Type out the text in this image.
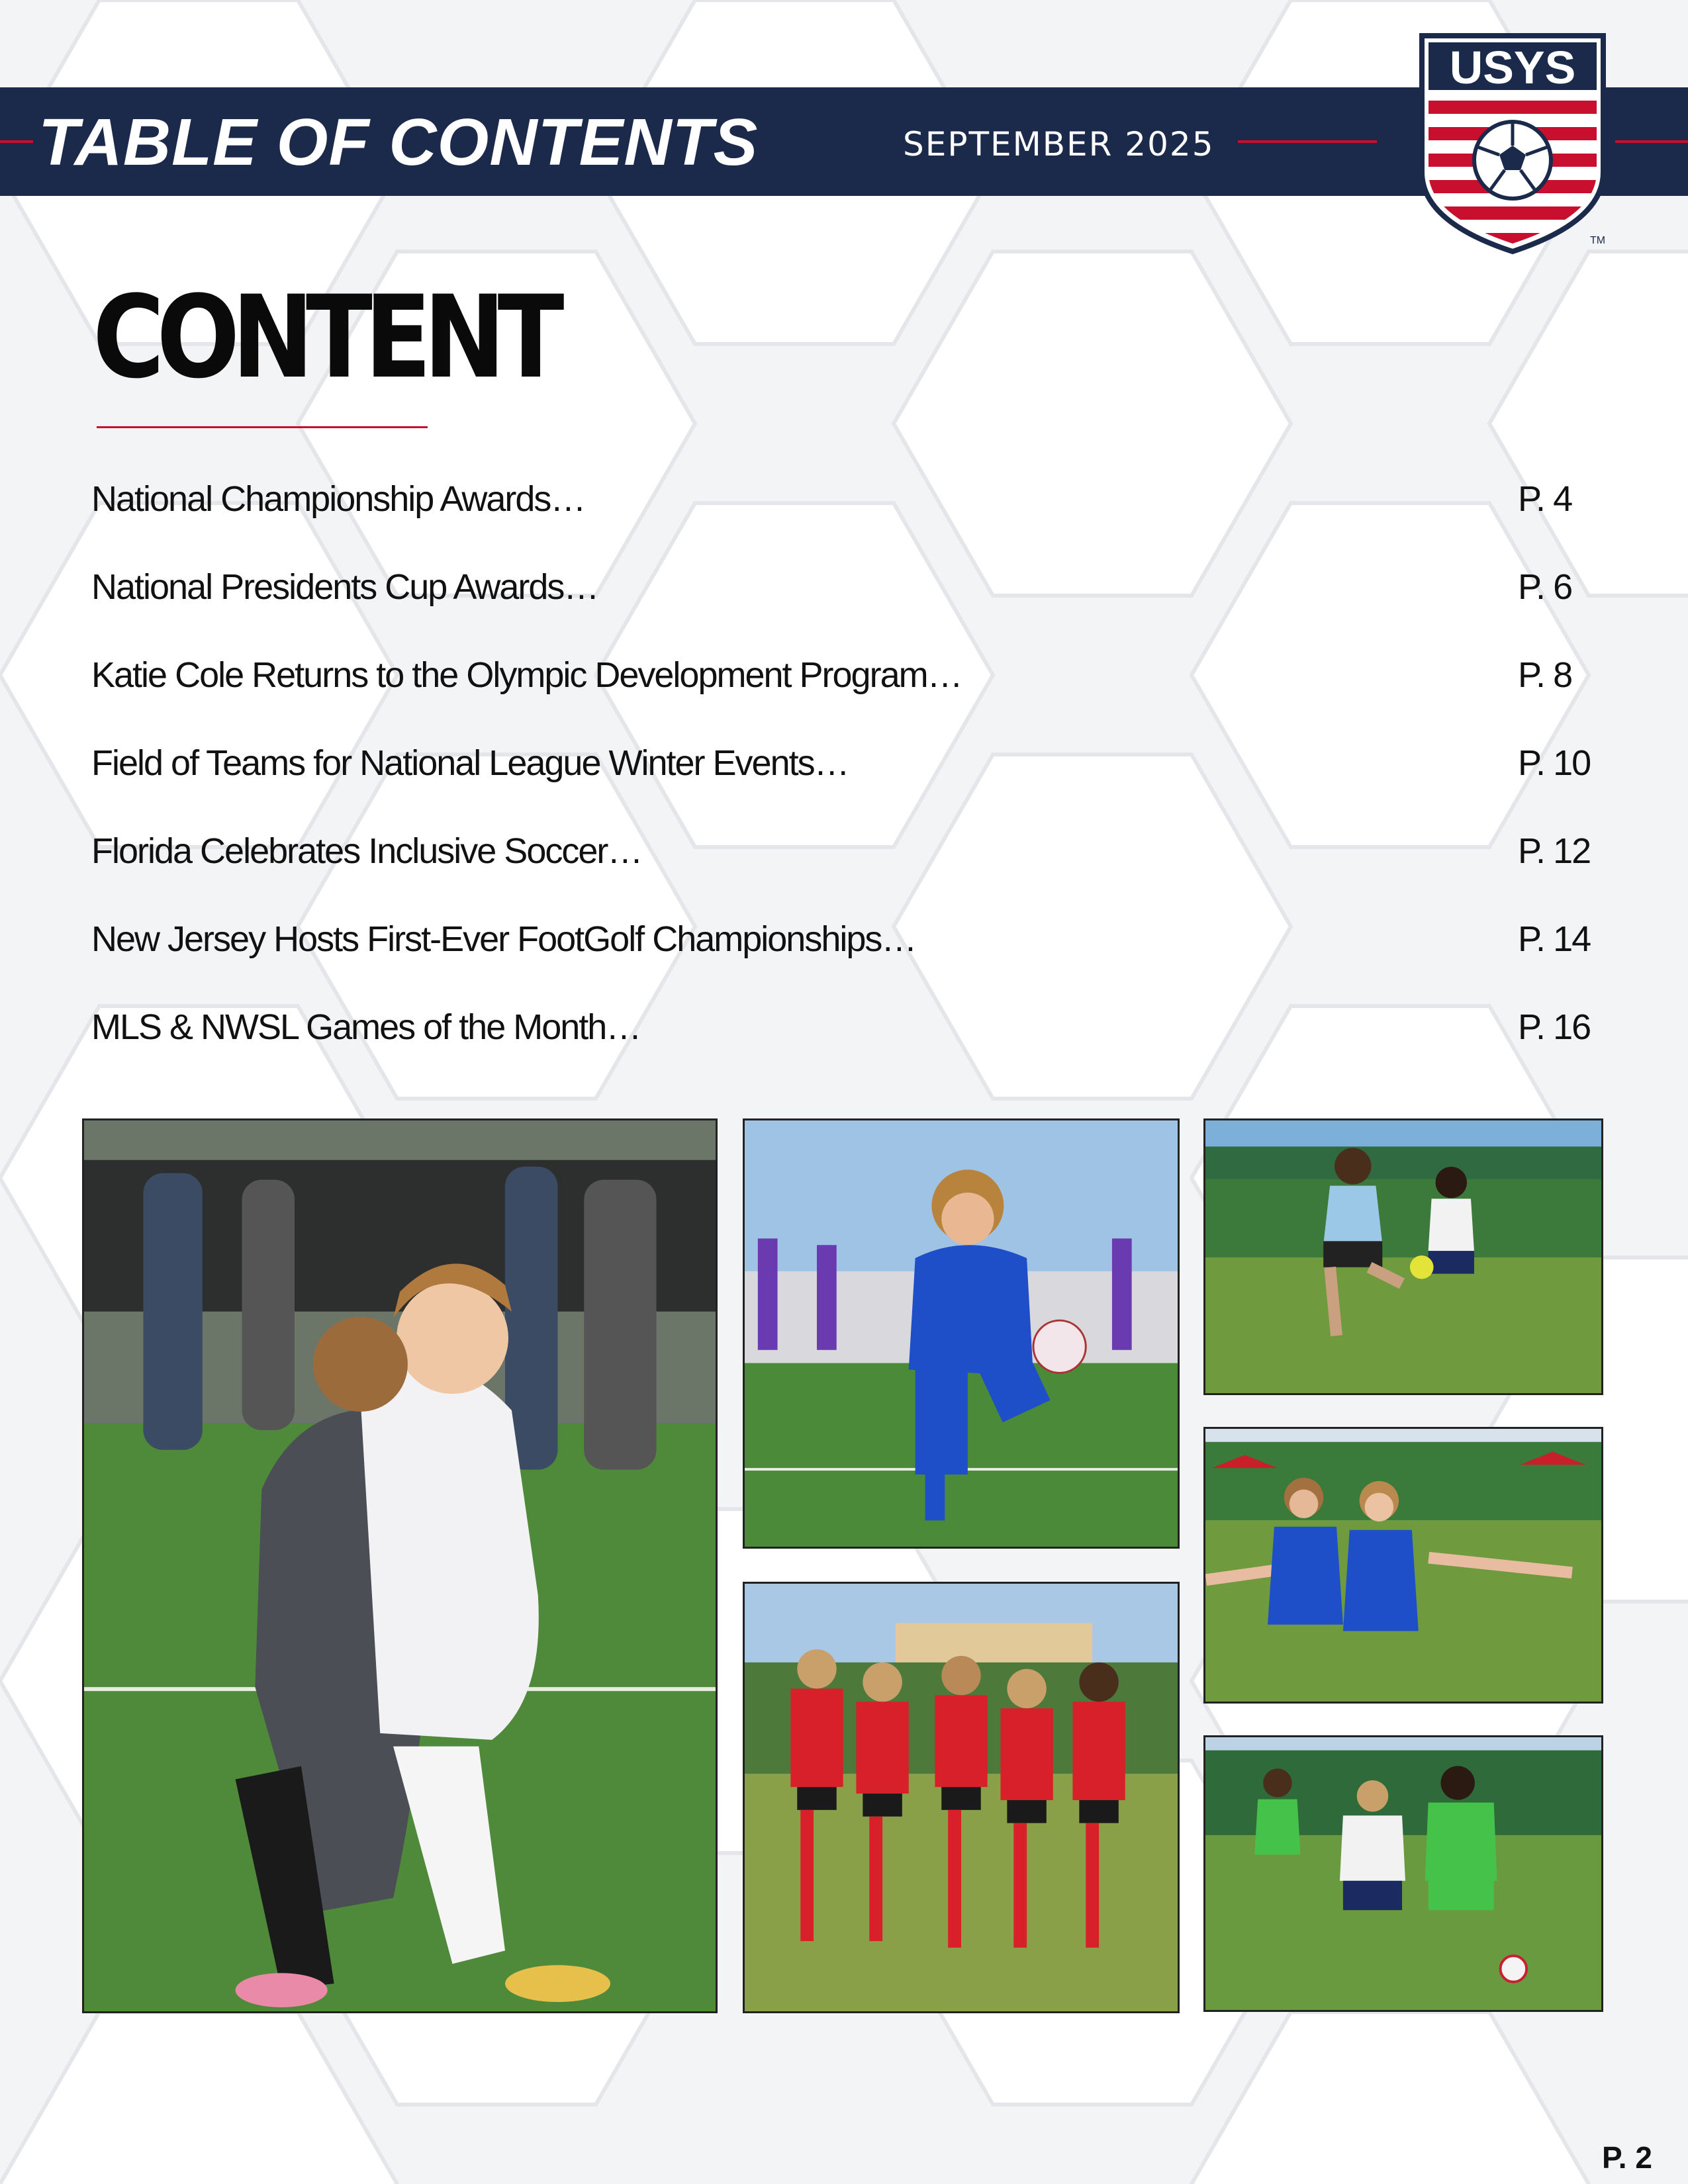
TABLE OF CONTENTS	SEPTEMBER 2025
USYS
TM
CONTENT
National Championship Awards…	P. 4
National Presidents Cup Awards…	P. 6
Katie Cole Returns to the Olympic Development Program…	P. 8
Field of Teams for National League Winter Events…	P. 10
Florida Celebrates Inclusive Soccer…	P. 12
New Jersey Hosts First-Ever FootGolf Championships…	P. 14
MLS & NWSL Games of the Month…	P. 16
P. 2
